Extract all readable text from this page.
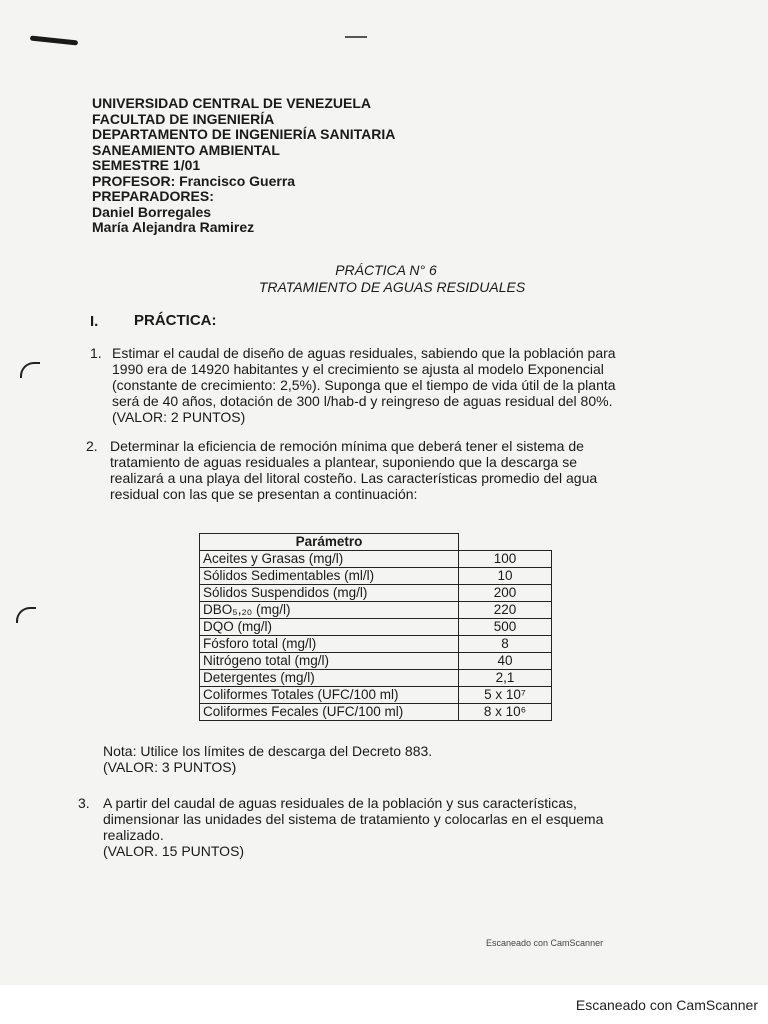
UNIVERSIDAD CENTRAL DE VENEZUELA
FACULTAD DE INGENIERÍA
DEPARTAMENTO DE INGENIERÍA SANITARIA
SANEAMIENTO AMBIENTAL
SEMESTRE 1/01
PROFESOR: Francisco Guerra
PREPARADORES:
Daniel Borregales
María Alejandra Ramirez
PRÁCTICA N° 6
TRATAMIENTO DE AGUAS RESIDUALES
I. PRÁCTICA:
1. Estimar el caudal de diseño de aguas residuales, sabiendo que la población para
1990 era de 14920 habitantes y el crecimiento se ajusta al modelo Exponencial
(constante de crecimiento: 2,5%). Suponga que el tiempo de vida útil de la planta
será de 40 años, dotación de 300 l/hab-d y reingreso de aguas residual del 80%.
(VALOR: 2 PUNTOS)
2. Determinar la eficiencia de remoción mínima que deberá tener el sistema de
tratamiento de aguas residuales a plantear, suponiendo que la descarga se
realizará a una playa del litoral costeño. Las características promedio del agua
residual con las que se presentan a continuación:
Parámetro	
Aceites y Grasas (mg/l)	100
Sólidos Sedimentables (ml/l)	10
Sólidos Suspendidos (mg/l)	200
DBO₅,₂₀ (mg/l)	220
DQO (mg/l)	500
Fósforo total (mg/l)	8
Nitrógeno total (mg/l)	40
Detergentes (mg/l)	2,1
Coliformes Totales (UFC/100 ml)	5 x 10⁷
Coliformes Fecales (UFC/100 ml)	8 x 10⁶
Nota: Utilice los límites de descarga del Decreto 883.
(VALOR: 3 PUNTOS)
3. A partir del caudal de aguas residuales de la población y sus características,
dimensionar las unidades del sistema de tratamiento y colocarlas en el esquema
realizado.
(VALOR. 15 PUNTOS)
Escaneado con CamScanner
Escaneado con CamScanner
